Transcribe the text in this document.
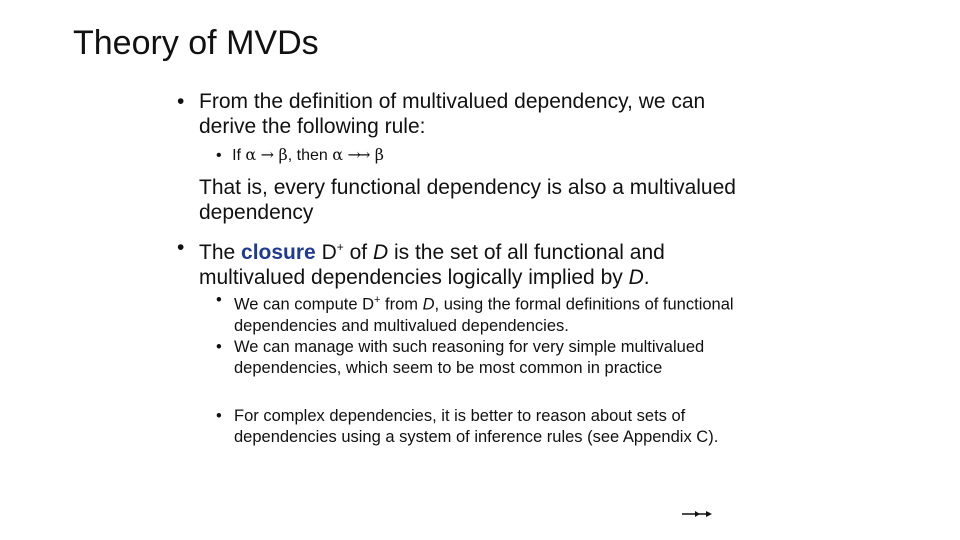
Theory of MVDs
• From the definition of multivalued dependency, we can derive the following rule:
• If α → β, then α →→ β
That is, every functional dependency is also a multivalued dependency
• The closure D+ of D is the set of all functional and multivalued dependencies logically implied by D.
• We can compute D+ from D, using the formal definitions of functional dependencies and multivalued dependencies.
• We can manage with such reasoning for very simple multivalued dependencies, which seem to be most common in practice
• For complex dependencies, it is better to reason about sets of dependencies using a system of inference rules (see Appendix C).
